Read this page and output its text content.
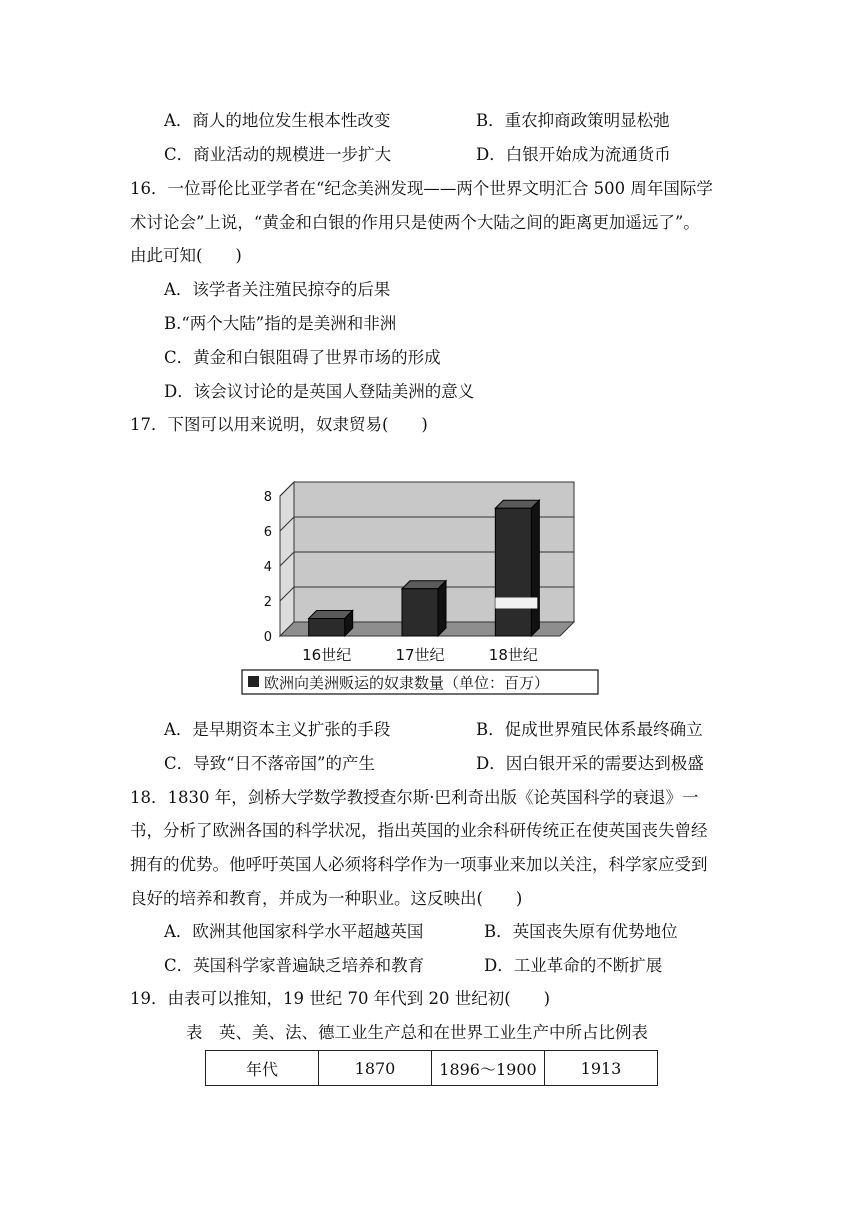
A．商人的地位发生根本性改变	B．重农抑商政策明显松弛
C．商业活动的规模进一步扩大	D．白银开始成为流通货币
16．一位哥伦比亚学者在“纪念美洲发现——两个世界文明汇合 500 周年国际学
术讨论会”上说，“黄金和白银的作用只是使两个大陆之间的距离更加遥远了”。
由此可知(　　)
A．该学者关注殖民掠夺的后果
B.“两个大陆”指的是美洲和非洲
C．黄金和白银阻碍了世界市场的形成
D．该会议讨论的是英国人登陆美洲的意义
17．下图可以用来说明，奴隶贸易(　　)
0
2
4
6
8
16世纪	17世纪	18世纪
欧洲向美洲贩运的奴隶数量（单位：百万）
A．是早期资本主义扩张的手段	B．促成世界殖民体系最终确立
C．导致“日不落帝国”的产生	D．因白银开采的需要达到极盛
18．1830 年，剑桥大学数学教授查尔斯·巴利奇出版《论英国科学的衰退》一
书，分析了欧洲各国的科学状况，指出英国的业余科研传统正在使英国丧失曾经
拥有的优势。他呼吁英国人必须将科学作为一项事业来加以关注，科学家应受到
良好的培养和教育，并成为一种职业。这反映出(　　)
A．欧洲其他国家科学水平超越英国	B．英国丧失原有优势地位
C．英国科学家普遍缺乏培养和教育	D．工业革命的不断扩展
19．由表可以推知，19 世纪 70 年代到 20 世纪初(　　)
表　英、美、法、德工业生产总和在世界工业生产中所占比例表
年代	1870	1896～1900	1913
